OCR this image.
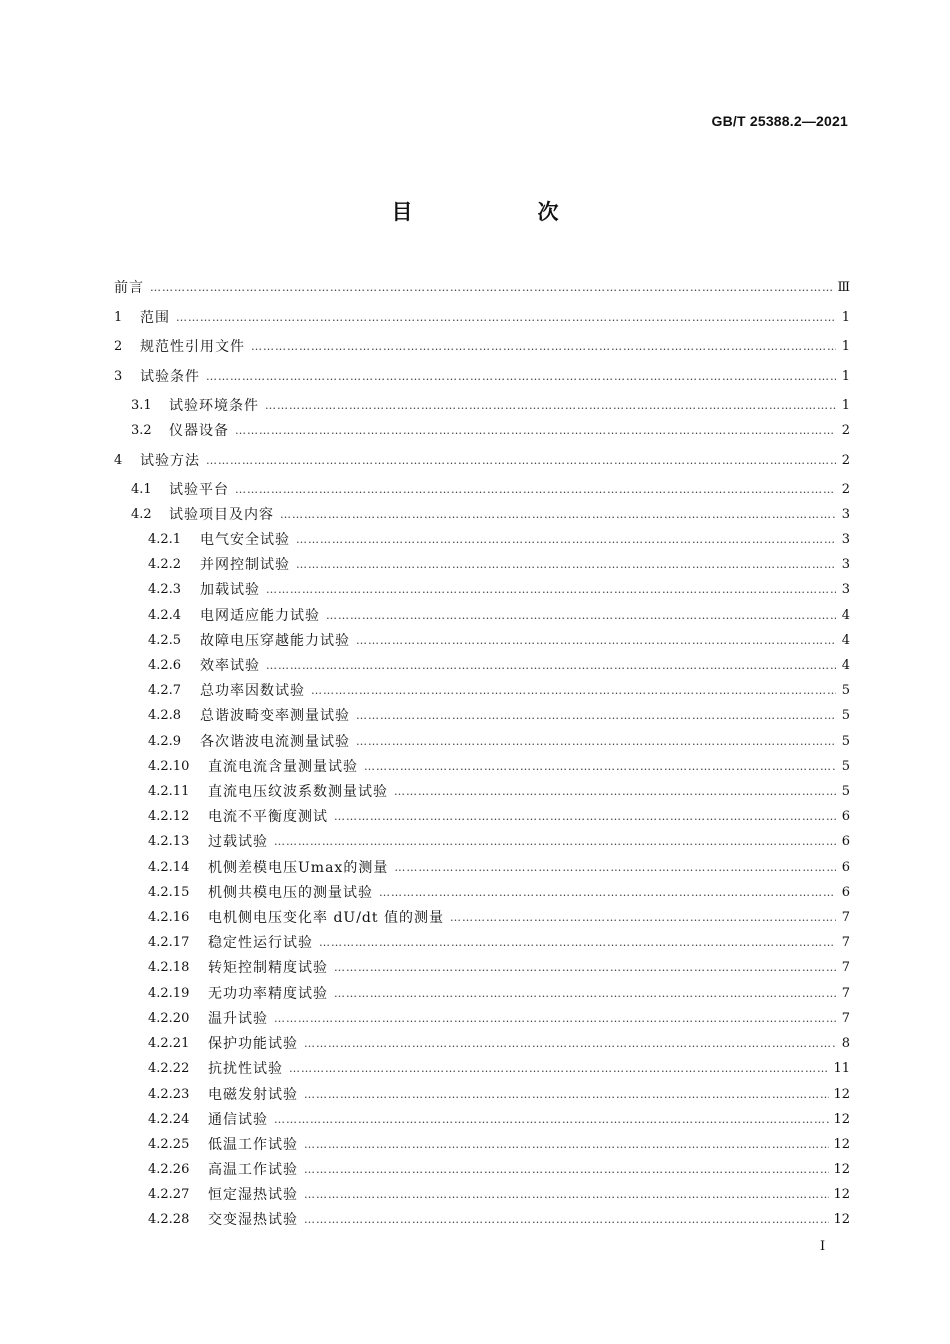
GB/T 25388.2—2021
目　次
前言 …………………………………………………………………………………………………………………………………………………………………………………………	Ⅲ
1	范围 …………………………………………………………………………………………………………………………………………………………………………………………	1
2	规范性引用文件 …………………………………………………………………………………………………………………………………………………………………………………………	1
3	试验条件 …………………………………………………………………………………………………………………………………………………………………………………………	1
3.1	试验环境条件 …………………………………………………………………………………………………………………………………………………………………………………………	1
3.2	仪器设备 …………………………………………………………………………………………………………………………………………………………………………………………	2
4	试验方法 …………………………………………………………………………………………………………………………………………………………………………………………	2
4.1	试验平台 …………………………………………………………………………………………………………………………………………………………………………………………	2
4.2	试验项目及内容 …………………………………………………………………………………………………………………………………………………………………………………………	3
4.2.1	电气安全试验 …………………………………………………………………………………………………………………………………………………………………………………………	3
4.2.2	并网控制试验 …………………………………………………………………………………………………………………………………………………………………………………………	3
4.2.3	加载试验 …………………………………………………………………………………………………………………………………………………………………………………………	3
4.2.4	电网适应能力试验 …………………………………………………………………………………………………………………………………………………………………………………………	4
4.2.5	故障电压穿越能力试验 …………………………………………………………………………………………………………………………………………………………………………………………	4
4.2.6	效率试验 …………………………………………………………………………………………………………………………………………………………………………………………	4
4.2.7	总功率因数试验 …………………………………………………………………………………………………………………………………………………………………………………………	5
4.2.8	总谐波畸变率测量试验 …………………………………………………………………………………………………………………………………………………………………………………………	5
4.2.9	各次谐波电流测量试验 …………………………………………………………………………………………………………………………………………………………………………………………	5
4.2.10	直流电流含量测量试验 …………………………………………………………………………………………………………………………………………………………………………………………	5
4.2.11	直流电压纹波系数测量试验 …………………………………………………………………………………………………………………………………………………………………………………………	5
4.2.12	电流不平衡度测试 …………………………………………………………………………………………………………………………………………………………………………………………	6
4.2.13	过载试验 …………………………………………………………………………………………………………………………………………………………………………………………	6
4.2.14	机侧差模电压Umax的测量 …………………………………………………………………………………………………………………………………………………………………………………………	6
4.2.15	机侧共模电压的测量试验 …………………………………………………………………………………………………………………………………………………………………………………………	6
4.2.16	电机侧电压变化率 dU/dt 值的测量 …………………………………………………………………………………………………………………………………………………………………………………………	7
4.2.17	稳定性运行试验 …………………………………………………………………………………………………………………………………………………………………………………………	7
4.2.18	转矩控制精度试验 …………………………………………………………………………………………………………………………………………………………………………………………	7
4.2.19	无功功率精度试验 …………………………………………………………………………………………………………………………………………………………………………………………	7
4.2.20	温升试验 …………………………………………………………………………………………………………………………………………………………………………………………	7
4.2.21	保护功能试验 …………………………………………………………………………………………………………………………………………………………………………………………	8
4.2.22	抗扰性试验 …………………………………………………………………………………………………………………………………………………………………………………………	11
4.2.23	电磁发射试验 …………………………………………………………………………………………………………………………………………………………………………………………	12
4.2.24	通信试验 …………………………………………………………………………………………………………………………………………………………………………………………	12
4.2.25	低温工作试验 …………………………………………………………………………………………………………………………………………………………………………………………	12
4.2.26	高温工作试验 …………………………………………………………………………………………………………………………………………………………………………………………	12
4.2.27	恒定湿热试验 …………………………………………………………………………………………………………………………………………………………………………………………	12
4.2.28	交变湿热试验 …………………………………………………………………………………………………………………………………………………………………………………………	12
I
